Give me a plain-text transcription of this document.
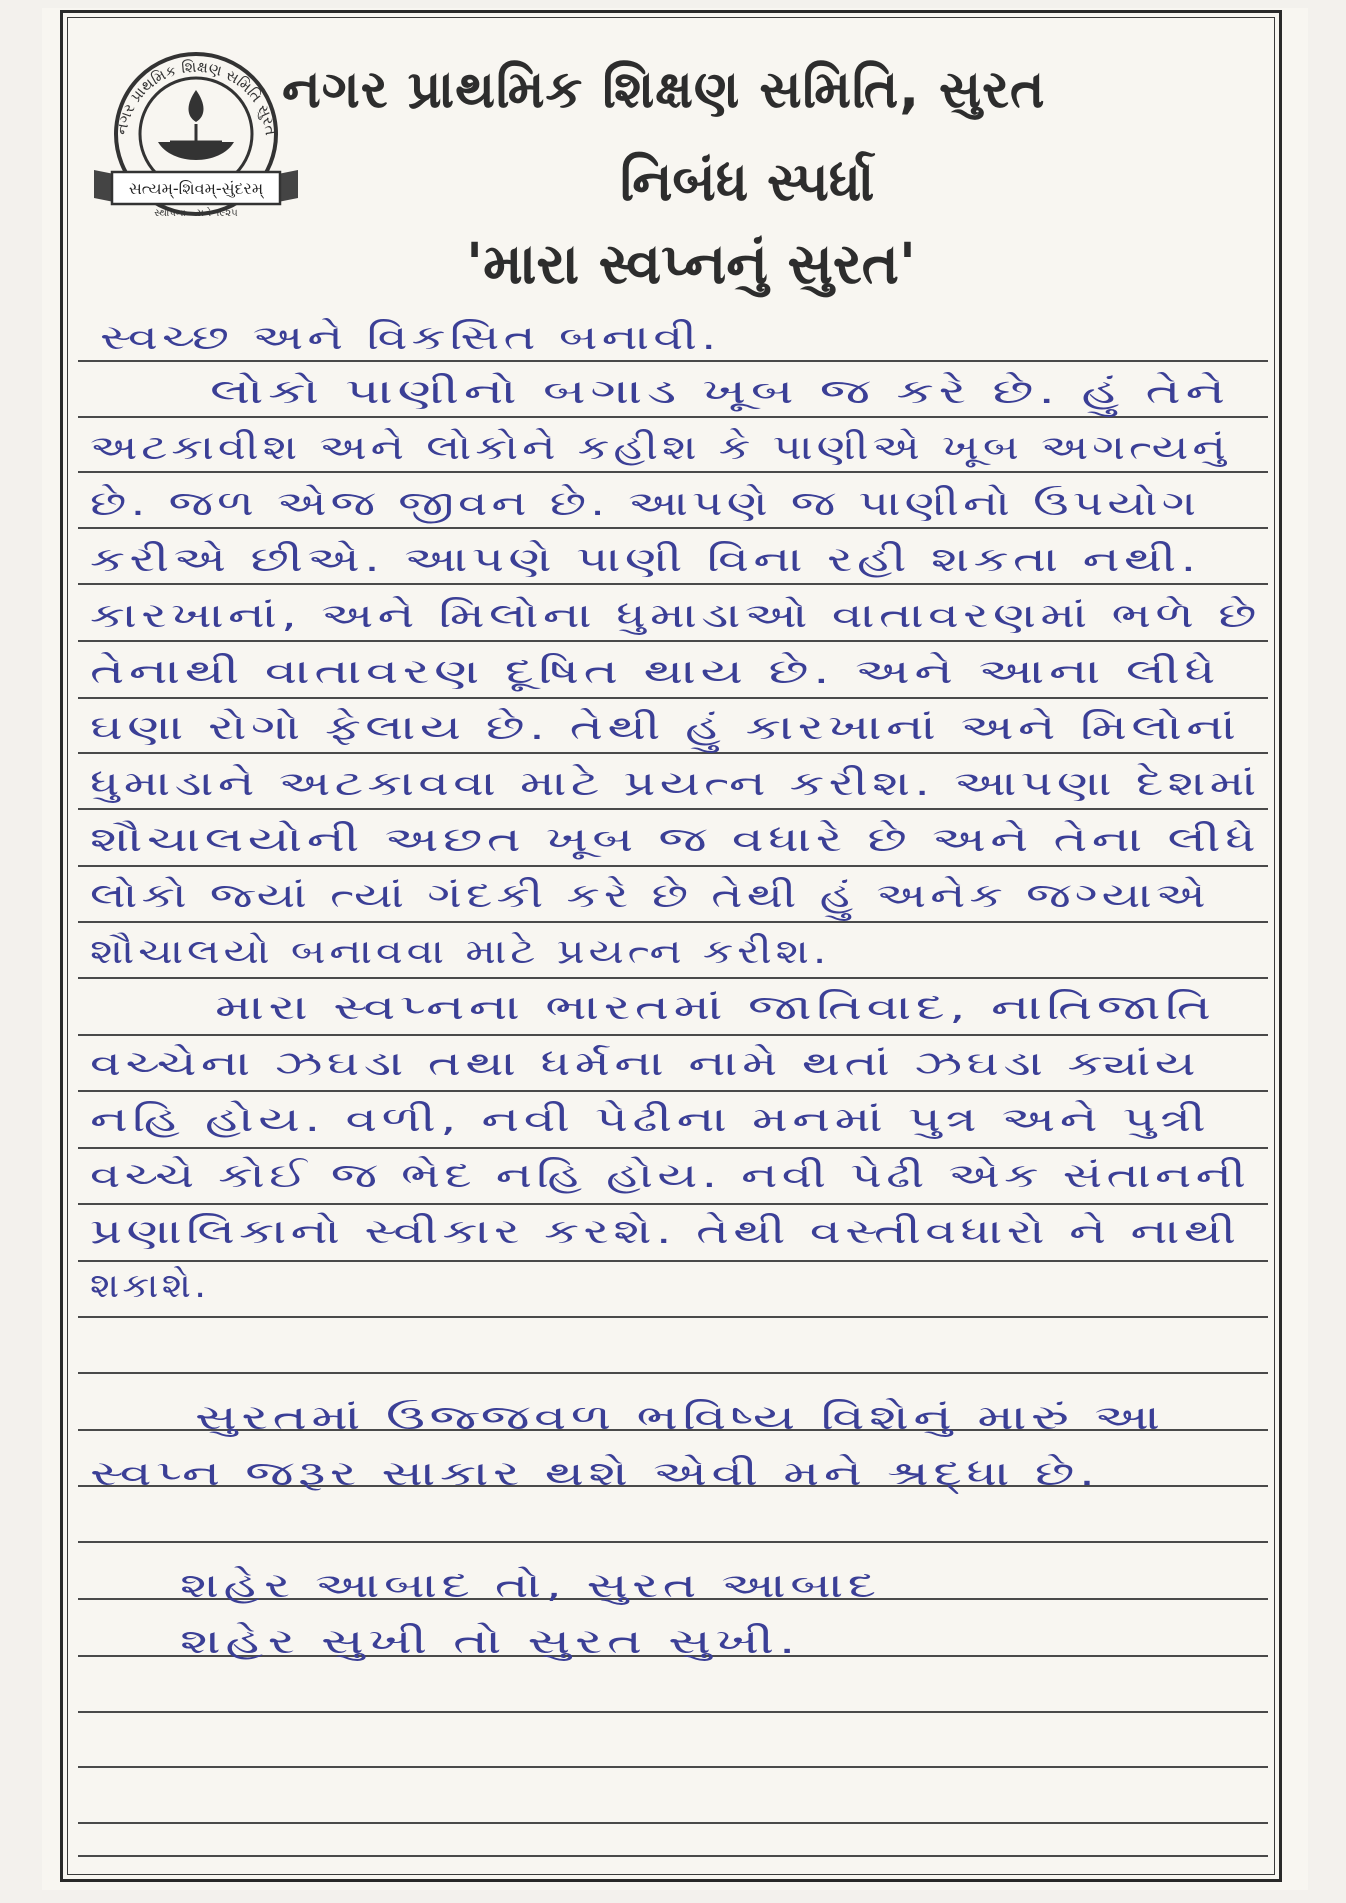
નગર પ્રાથમિક શિક્ષણ સમિતિ સુરત
સત્યમ્-શિવમ્-સુંદરમ્
સ્થાપના - સને ૧૯૨૫
નગર પ્રાથમિક શિક્ષણ સમિતિ, સુરત
નિબંધ સ્પર્ધા
'મારા સ્વપ્નનું સુરત'
સ્વચ્છ અને વિકસિત બનાવી.
લોકો પાણીનો બગાડ ખૂબ જ કરે છે. હું તેને
અટકાવીશ અને લોકોને કહીશ કે પાણીએ ખૂબ અગત્યનું
છે. જળ એજ જીવન છે. આપણે જ પાણીનો ઉપયોગ
કરીએ છીએ. આપણે પાણી વિના રહી શકતા નથી.
કારખાનાં, અને મિલોના ધુમાડાઓ વાતાવરણમાં ભળે છે
તેનાથી વાતાવરણ દૂષિત થાય છે. અને આના લીધે
ઘણા રોગો ફેલાય છે. તેથી હું કારખાનાં અને મિલોનાં
ધુમાડાને અટકાવવા માટે પ્રયત્ન કરીશ. આપણા દેશમાં
શૌચાલયોની અછત ખૂબ જ વધારે છે અને તેના લીધે
લોકો જ્યાં ત્યાં ગંદકી કરે છે તેથી હું અનેક જગ્યાએ
શૌચાલયો બનાવવા માટે પ્રયત્ન કરીશ.
મારા સ્વપ્નના ભારતમાં જાતિવાદ, નાતિજાતિ
વચ્ચેના ઝઘડા તથા ધર્મના નામે થતાં ઝઘડા ક્યાંય
નહિ હોય. વળી, નવી પેઢીના મનમાં પુત્ર અને પુત્રી
વચ્ચે કોઈ જ ભેદ નહિ હોય. નવી પેઢી એક સંતાનની
પ્રણાલિકાનો સ્વીકાર કરશે. તેથી વસ્તીવધારો ને નાથી
શકાશે.
સુરતમાં ઉજ્જવળ ભવિષ્ય વિશેનું મારું આ
સ્વપ્ન જરૂર સાકાર થશે એવી મને શ્રદ્ધા છે.
શહેર આબાદ તો, સુરત આબાદ
શહેર સુખી તો સુરત સુખી.
